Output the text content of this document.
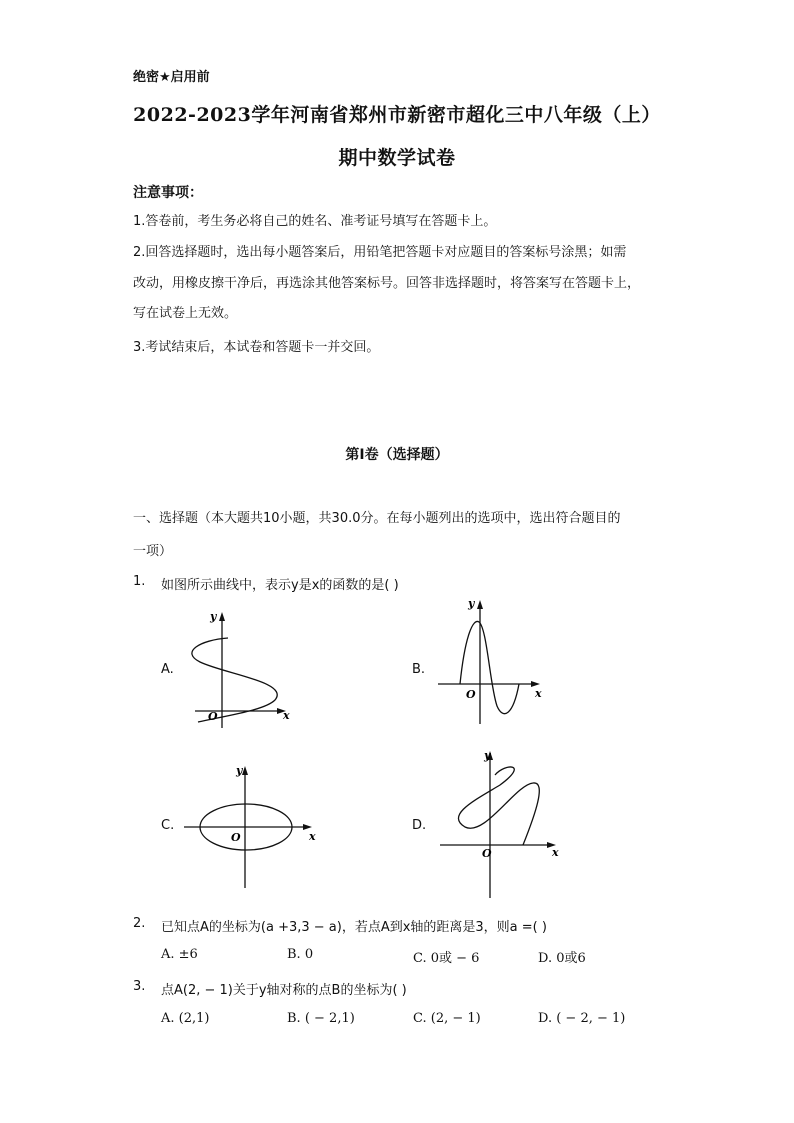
绝密★启用前
2022-2023学年河南省郑州市新密市超化三中八年级（上）
期中数学试卷
注意事项：
1.答卷前，考生务必将自己的姓名、准考证号填写在答题卡上。
2.回答选择题时，选出每小题答案后，用铅笔把答题卡对应题目的答案标号涂黑；如需
改动，用橡皮擦干净后，再选涂其他答案标号。回答非选择题时，将答案写在答题卡上，
写在试卷上无效。
3.考试结束后，本试卷和答题卡一并交回。
第Ⅰ卷（选择题）
一、选择题（本大题共10小题，共30.0分。在每小题列出的选项中，选出符合题目的
一项）
1. 如图所示曲线中，表示y是x的函数的是( )
A.
y
x
O
B.
y
x
O
C.
y
x
O
D.
y
x
O
2. 已知点A的坐标为(a +3,3 − a)，若点A到x轴的距离是3，则a =( )
A. ±6	B. 0	C. 0或 − 6	D. 0或6
3. 点A(2, − 1)关于y轴对称的点B的坐标为( )
A. (2,1)	B. ( − 2,1)	C. (2, − 1)	D. ( − 2, − 1)
